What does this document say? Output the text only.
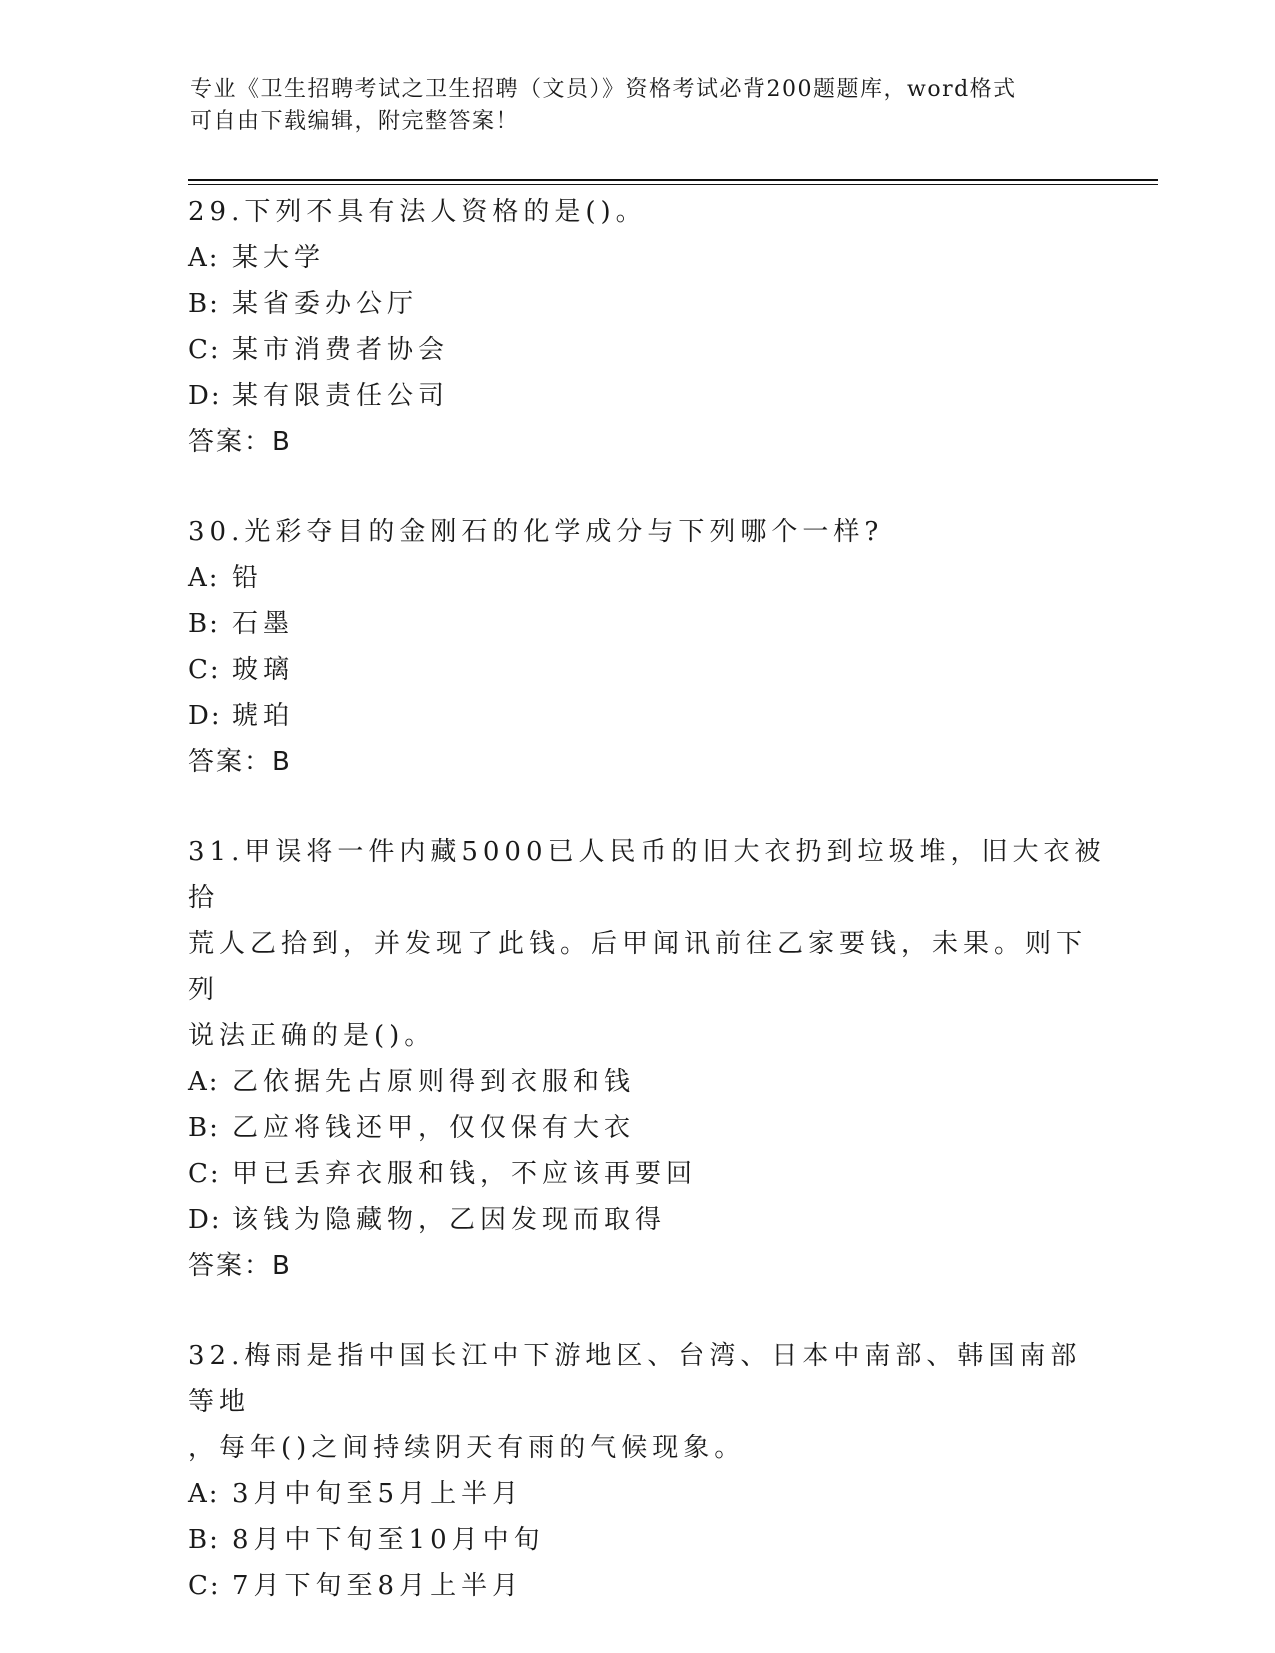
专业《卫生招聘考试之卫生招聘（文员）》资格考试必背200题题库，word格式
可自由下载编辑，附完整答案！
29.下列不具有法人资格的是()。
A: 某大学
B: 某省委办公厅
C: 某市消费者协会
D: 某有限责任公司
答案：B
30.光彩夺目的金刚石的化学成分与下列哪个一样?
A: 铅
B: 石墨
C: 玻璃
D: 琥珀
答案：B
31.甲误将一件内藏5000已人民币的旧大衣扔到垃圾堆，旧大衣被拾
荒人乙拾到，并发现了此钱。后甲闻讯前往乙家要钱，未果。则下列
说法正确的是()。
A: 乙依据先占原则得到衣服和钱
B: 乙应将钱还甲，仅仅保有大衣
C: 甲已丢弃衣服和钱，不应该再要回
D: 该钱为隐藏物，乙因发现而取得
答案：B
32.梅雨是指中国长江中下游地区、台湾、日本中南部、韩国南部等地
，每年()之间持续阴天有雨的气候现象。
A: 3月中旬至5月上半月
B: 8月中下旬至10月中旬
C: 7月下旬至8月上半月
